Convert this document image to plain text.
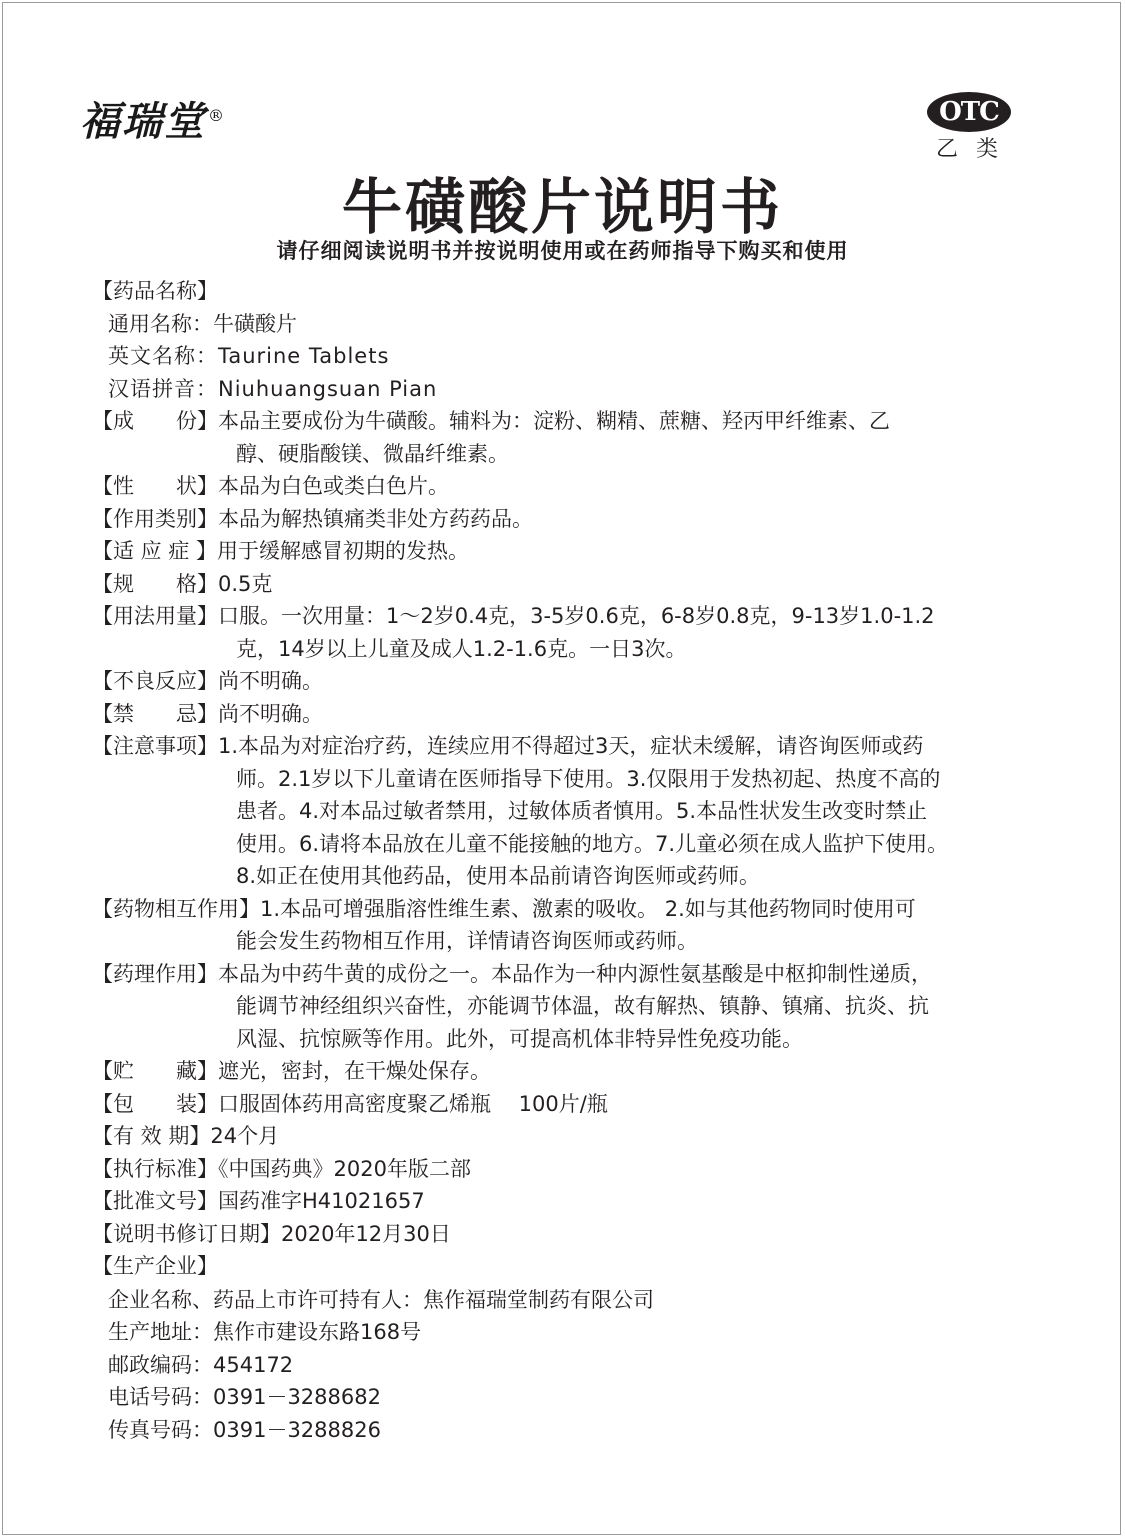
福瑞堂 ®	OTC
乙类
牛磺酸片说明书
请仔细阅读说明书并按说明使用或在药师指导下购买和使用
【药品名称】
通用名称：牛磺酸片
英文名称：Taurine Tablets
汉语拼音：Niuhuangsuan Pian
【成　　份】本品主要成份为牛磺酸。辅料为：淀粉、糊精、蔗糖、羟丙甲纤维素、乙
醇、硬脂酸镁、微晶纤维素。
【性　　状】本品为白色或类白色片。
【作用类别】本品为解热镇痛类非处方药药品。
【适 应 症 】用于缓解感冒初期的发热。
【规　　格】0.5克
【用法用量】口服。一次用量：1～2岁0.4克，3-5岁0.6克，6-8岁0.8克，9-13岁1.0-1.2
克，14岁以上儿童及成人1.2-1.6克。一日3次。
【不良反应】尚不明确。
【禁　　忌】尚不明确。
【注意事项】1.本品为对症治疗药，连续应用不得超过3天，症状未缓解，请咨询医师或药
师。2.1岁以下儿童请在医师指导下使用。3.仅限用于发热初起、热度不高的
患者。4.对本品过敏者禁用，过敏体质者慎用。5.本品性状发生改变时禁止
使用。6.请将本品放在儿童不能接触的地方。7.儿童必须在成人监护下使用。
8.如正在使用其他药品，使用本品前请咨询医师或药师。
【药物相互作用】1.本品可增强脂溶性维生素、激素的吸收。 2.如与其他药物同时使用可
能会发生药物相互作用，详情请咨询医师或药师。
【药理作用】本品为中药牛黄的成份之一。本品作为一种内源性氨基酸是中枢抑制性递质，
能调节神经组织兴奋性，亦能调节体温，故有解热、镇静、镇痛、抗炎、抗
风湿、抗惊厥等作用。此外，可提高机体非特异性免疫功能。
【贮　　藏】遮光，密封，在干燥处保存。
【包　　装】口服固体药用高密度聚乙烯瓶　 100片/瓶
【有 效 期】24个月
【执行标准】《中国药典》2020年版二部
【批准文号】国药准字H41021657
【说明书修订日期】2020年12月30日
【生产企业】
企业名称、药品上市许可持有人：焦作福瑞堂制药有限公司
生产地址：焦作市建设东路168号
邮政编码：454172
电话号码：0391－3288682
传真号码：0391－3288826
